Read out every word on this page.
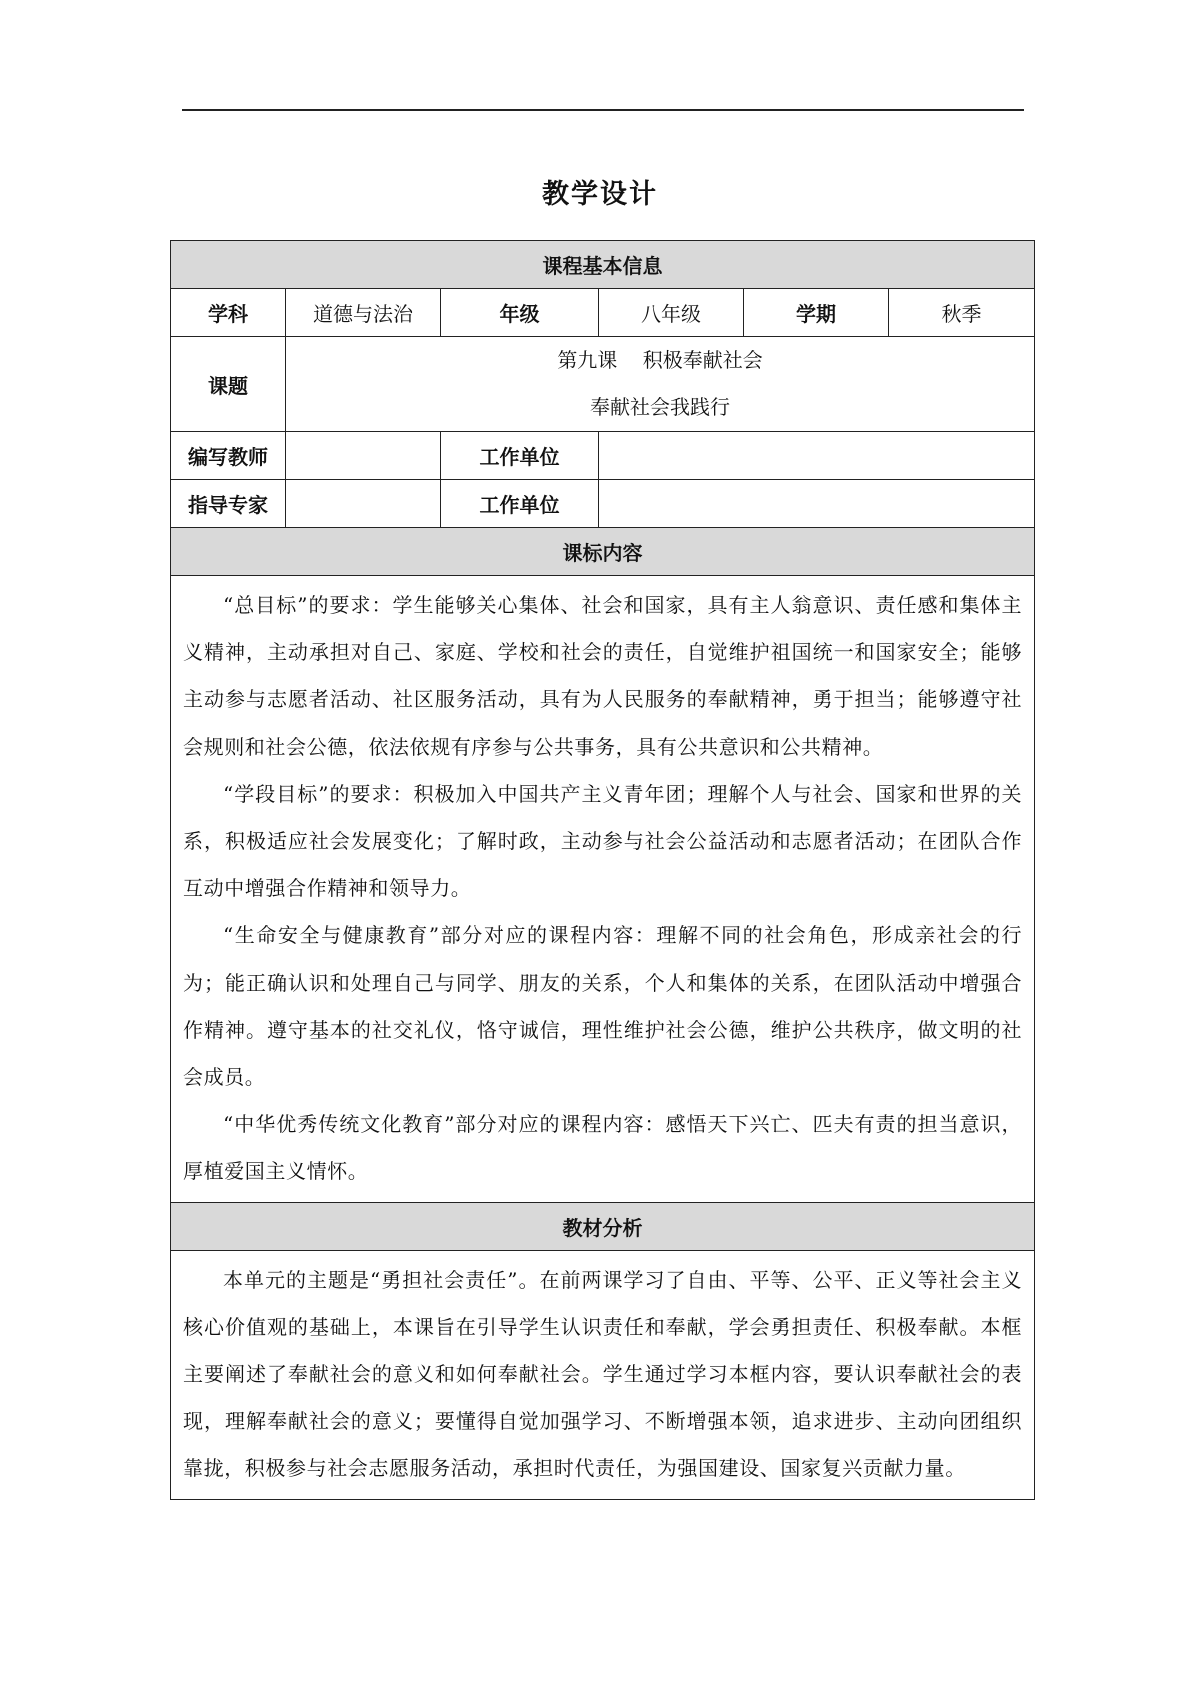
教学设计
课程基本信息					
学科	道德与法治	年级	八年级	学期	秋季
课题	第九课    积极奉献社会
奉献社会我践行				

编写教师		工作单位			
指导专家		工作单位			
课标内容					

“总目标”的要求：学生能够关心集体、社会和国家，具有主人翁意识、责任感和集体主义精神，主动承担对自己、家庭、学校和社会的责任，自觉维护祖国统一和国家安全；能够主动参与志愿者活动、社区服务活动，具有为人民服务的奉献精神，勇于担当；能够遵守社会规则和社会公德，依法依规有序参与公共事务，具有公共意识和公共精神。

“学段目标”的要求：积极加入中国共产主义青年团；理解个人与社会、国家和世界的关系，积极适应社会发展变化；了解时政，主动参与社会公益活动和志愿者活动；在团队合作互动中增强合作精神和领导力。

“生命安全与健康教育”部分对应的课程内容：理解不同的社会角色，形成亲社会的行为；能正确认识和处理自己与同学、朋友的关系，个人和集体的关系，在团队活动中增强合作精神。遵守基本的社交礼仪，恪守诚信，理性维护社会公德，维护公共秩序，做文明的社会成员。

“中华优秀传统文化教育”部分对应的课程内容：感悟天下兴亡、匹夫有责的担当意识，厚植爱国主义情怀。					

教材分析					

本单元的主题是“勇担社会责任”。在前两课学习了自由、平等、公平、正义等社会主义核心价值观的基础上，本课旨在引导学生认识责任和奉献，学会勇担责任、积极奉献。本框主要阐述了奉献社会的意义和如何奉献社会。学生通过学习本框内容，要认识奉献社会的表现，理解奉献社会的意义；要懂得自觉加强学习、不断增强本领，追求进步、主动向团组织靠拢，积极参与社会志愿服务活动，承担时代责任，为强国建设、国家复兴贡献力量。					
